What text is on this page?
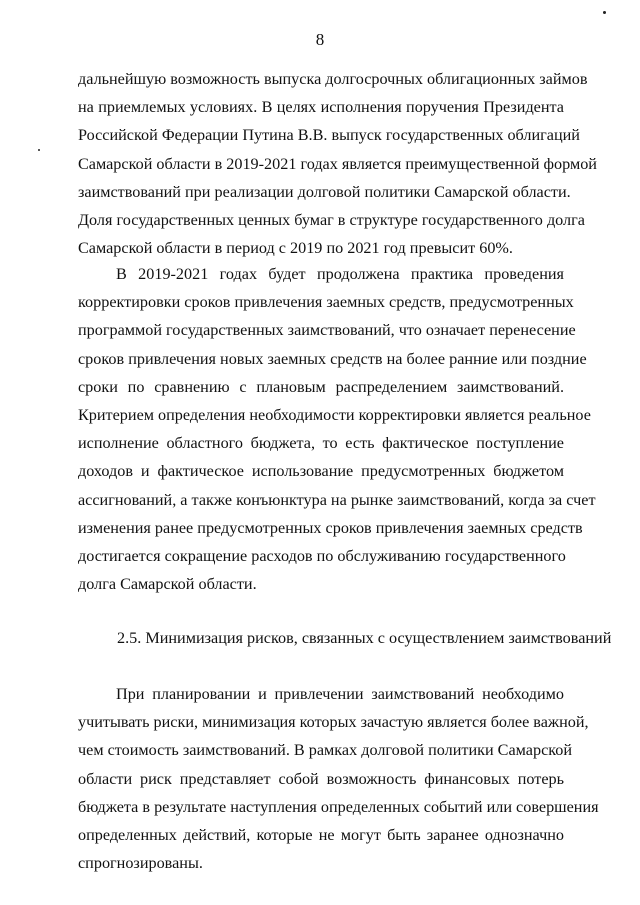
8

дальнейшую возможность выпуска долгосрочных облигационных займов
на приемлемых условиях. В целях исполнения поручения Президента
Российской Федерации Путина В.В. выпуск государственных облигаций
Самарской области в 2019-2021 годах является преимущественной формой
заимствований при реализации долговой политики Самарской области.
Доля государственных ценных бумаг в структуре государственного долга
Самарской области в период с 2019 по 2021 год превысит 60%.

В 2019-2021 годах будет продолжена практика проведения
корректировки сроков привлечения заемных средств, предусмотренных
программой государственных заимствований, что означает перенесение
сроков привлечения новых заемных средств на более ранние или поздние
сроки по сравнению с плановым распределением заимствований.
Критерием определения необходимости корректировки является реальное
исполнение областного бюджета, то есть фактическое поступление
доходов и фактическое использование предусмотренных бюджетом
ассигнований, а также конъюнктура на рынке заимствований, когда за счет
изменения ранее предусмотренных сроков привлечения заемных средств
достигается сокращение расходов по обслуживанию государственного
долга Самарской области.

2.5. Минимизация рисков, связанных с осуществлением заимствований

При планировании и привлечении заимствований необходимо
учитывать риски, минимизация которых зачастую является более важной,
чем стоимость заимствований. В рамках долговой политики Самарской
области риск представляет собой возможность финансовых потерь
бюджета в результате наступления определенных событий или совершения
определенных действий, которые не могут быть заранее однозначно
спрогнозированы.
